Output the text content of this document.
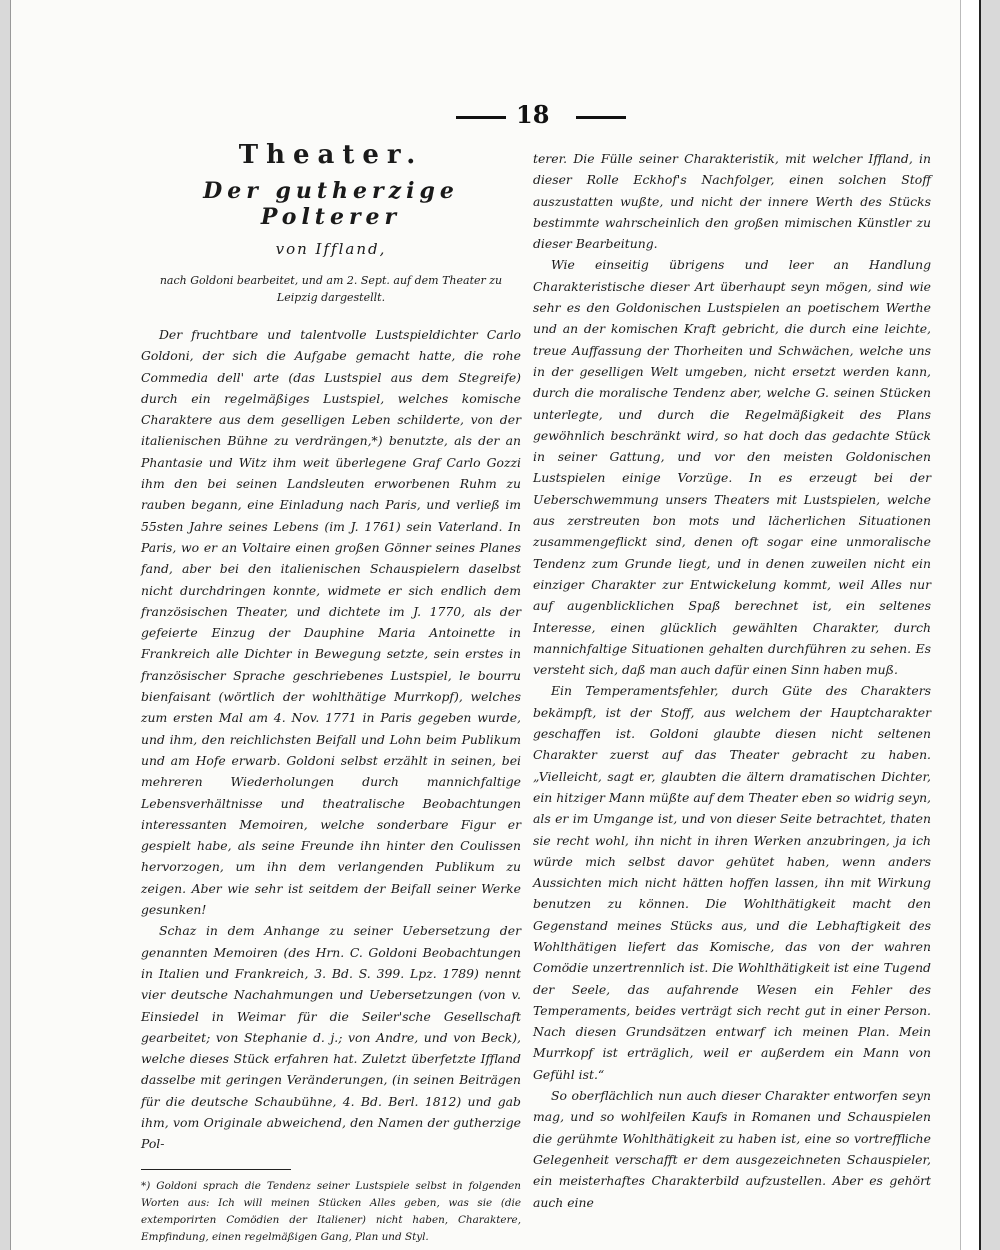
18
Theater.
Der gutherzige Polterer
von Iffland,
nach Goldoni bearbeitet, und am 2. Sept. auf dem Theater zu Leipzig dargestellt.

Der fruchtbare und talentvolle Lustspieldichter Carlo Goldoni, der sich die Aufgabe gemacht hatte, die rohe Commedia dell' arte (das Lustspiel aus dem Stegreife) durch ein regelmäßiges Lustspiel, welches komische Charaktere aus dem geselligen Leben schilderte, von der italienischen Bühne zu verdrängen,*) benutzte, als der an Phantasie und Witz ihm weit überlegene Graf Carlo Gozzi ihm den bei seinen Landsleuten erworbenen Ruhm zu rauben begann, eine Einladung nach Paris, und verließ im 55sten Jahre seines Lebens (im J. 1761) sein Vaterland. In Paris, wo er an Voltaire einen großen Gönner seines Planes fand, aber bei den italienischen Schauspielern daselbst nicht durchdringen konnte, widmete er sich endlich dem französischen Theater, und dichtete im J. 1770, als der gefeierte Einzug der Dauphine Maria Antoinette in Frankreich alle Dichter in Bewegung setzte, sein erstes in französischer Sprache geschriebenes Lustspiel, le bourru bienfaisant (wörtlich der wohlthätige Murrkopf), welches zum ersten Mal am 4. Nov. 1771 in Paris gegeben wurde, und ihm, den reichlichsten Beifall und Lohn beim Publikum und am Hofe erwarb. Goldoni selbst erzählt in seinen, bei mehreren Wiederholungen durch mannichfaltige Lebensverhältnisse und theatralische Beobachtungen interessanten Memoiren, welche sonderbare Figur er gespielt habe, als seine Freunde ihn hinter den Coulissen hervorzogen, um ihn dem verlangenden Publikum zu zeigen. Aber wie sehr ist seitdem der Beifall seiner Werke gesunken!

Schaz in dem Anhange zu seiner Uebersetzung der genannten Memoiren (des Hrn. C. Goldoni Beobachtungen in Italien und Frankreich, 3. Bd. S. 399. Lpz. 1789) nennt vier deutsche Nachahmungen und Uebersetzungen (von v. Einsiedel in Weimar für die Seiler'sche Gesellschaft gearbeitet; von Stephanie d. j.; von Andre, und von Beck), welche dieses Stück erfahren hat. Zuletzt überfetzte Iffland dasselbe mit geringen Veränderungen, (in seinen Beiträgen für die deutsche Schaubühne, 4. Bd. Berl. 1812) und gab ihm, vom Originale abweichend, den Namen der gutherzige Pol-

*) Goldoni sprach die Tendenz seiner Lustspiele selbst in folgenden Worten aus: Ich will meinen Stücken Alles geben, was sie (die extemporirten Comödien der Italiener) nicht haben, Charaktere, Empfindung, einen regelmäßigen Gang, Plan und Styl.

terer. Die Fülle seiner Charakteristik, mit welcher Iffland, in dieser Rolle Eckhof's Nachfolger, einen solchen Stoff auszustatten wußte, und nicht der innere Werth des Stücks bestimmte wahrscheinlich den großen mimischen Künstler zu dieser Bearbeitung.

Wie einseitig übrigens und leer an Handlung Charakteristische dieser Art überhaupt seyn mögen, sind wie sehr es den Goldonischen Lustspielen an poetischem Werthe und an der komischen Kraft gebricht, die durch eine leichte, treue Auffassung der Thorheiten und Schwächen, welche uns in der geselligen Welt umgeben, nicht ersetzt werden kann, durch die moralische Tendenz aber, welche G. seinen Stücken unterlegte, und durch die Regelmäßigkeit des Plans gewöhnlich beschränkt wird, so hat doch das gedachte Stück in seiner Gattung, und vor den meisten Goldonischen Lustspielen einige Vorzüge. In es erzeugt bei der Ueberschwemmung unsers Theaters mit Lustspielen, welche aus zerstreuten bon mots und lächerlichen Situationen zusammengeflickt sind, denen oft sogar eine unmoralische Tendenz zum Grunde liegt, und in denen zuweilen nicht ein einziger Charakter zur Entwickelung kommt, weil Alles nur auf augenblicklichen Spaß berechnet ist, ein seltenes Interesse, einen glücklich gewählten Charakter, durch mannichfaltige Situationen gehalten durchführen zu sehen. Es versteht sich, daß man auch dafür einen Sinn haben muß.

Ein Temperamentsfehler, durch Güte des Charakters bekämpft, ist der Stoff, aus welchem der Hauptcharakter geschaffen ist. Goldoni glaubte diesen nicht seltenen Charakter zuerst auf das Theater gebracht zu haben. „Vielleicht, sagt er, glaubten die ältern dramatischen Dichter, ein hitziger Mann müßte auf dem Theater eben so widrig seyn, als er im Umgange ist, und von dieser Seite betrachtet, thaten sie recht wohl, ihn nicht in ihren Werken anzubringen, ja ich würde mich selbst davor gehütet haben, wenn anders Aussichten mich nicht hätten hoffen lassen, ihn mit Wirkung benutzen zu können. Die Wohlthätigkeit macht den Gegenstand meines Stücks aus, und die Lebhaftigkeit des Wohlthätigen liefert das Komische, das von der wahren Comödie unzertrennlich ist. Die Wohlthätigkeit ist eine Tugend der Seele, das aufahrende Wesen ein Fehler des Temperaments, beides verträgt sich recht gut in einer Person. Nach diesen Grundsätzen entwarf ich meinen Plan. Mein Murrkopf ist erträglich, weil er außerdem ein Mann von Gefühl ist.“

So oberflächlich nun auch dieser Charakter entworfen seyn mag, und so wohlfeilen Kaufs in Romanen und Schauspielen die gerühmte Wohlthätigkeit zu haben ist, eine so vortreffliche Gelegenheit verschafft er dem ausgezeichneten Schauspieler, ein meisterhaftes Charakterbild aufzustellen. Aber es gehört auch eine
